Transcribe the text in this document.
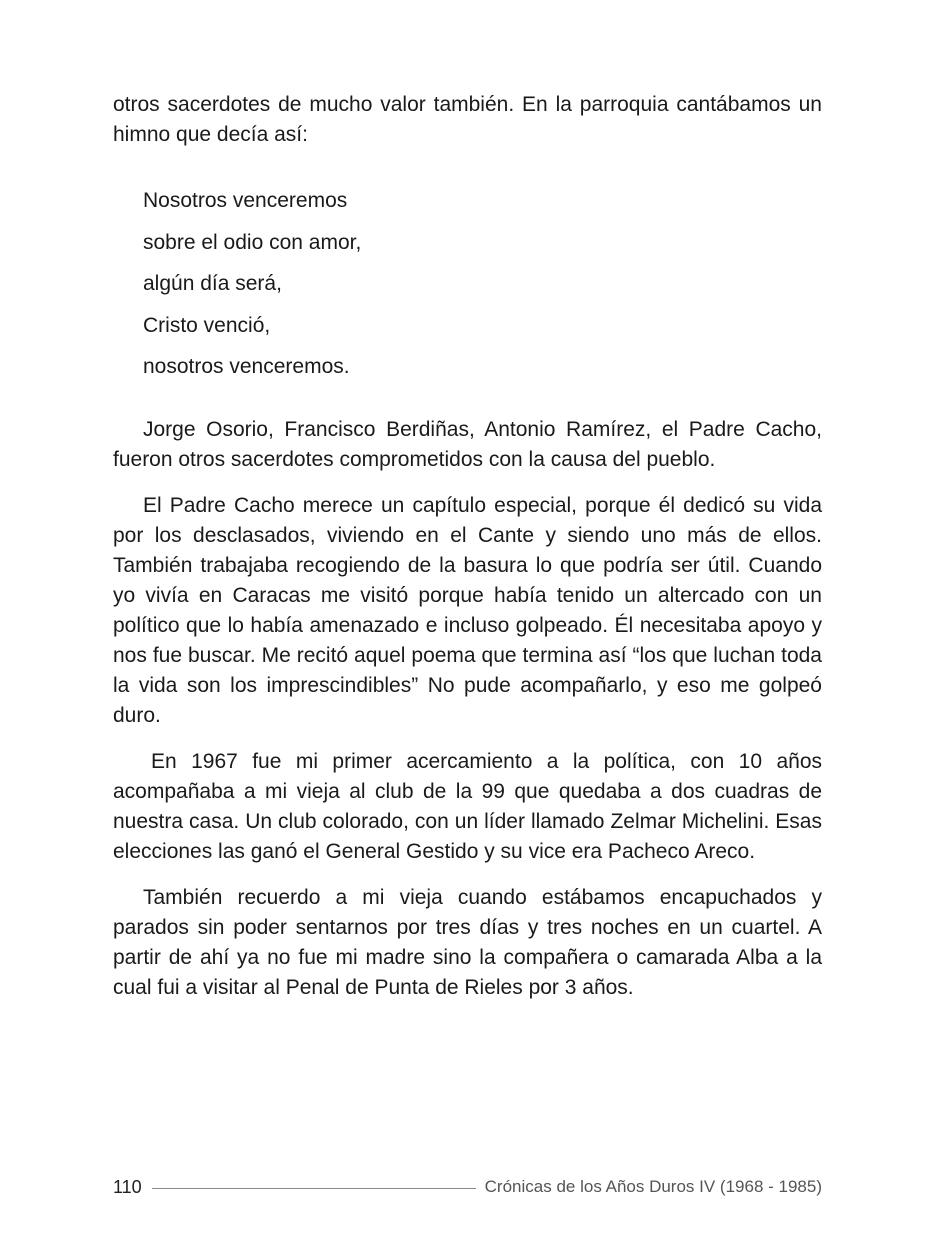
otros sacerdotes de mucho valor también. En la parroquia cantábamos un himno que decía así:

Nosotros venceremos
sobre el odio con amor,
algún día será,
Cristo venció,
nosotros venceremos.

Jorge Osorio, Francisco Berdiñas, Antonio Ramírez, el Padre Cacho, fueron otros sacerdotes comprometidos con la causa del pueblo.

El Padre Cacho merece un capítulo especial, porque él dedicó su vida por los desclasados, viviendo en el Cante y siendo uno más de ellos. También trabajaba recogiendo de la basura lo que podría ser útil. Cuando yo vivía en Caracas me visitó porque había tenido un altercado con un político que lo había amenazado e incluso golpeado. Él necesitaba apoyo y nos fue buscar. Me recitó aquel poema que termina así “los que luchan toda la vida son los imprescindibles” No pude acompañarlo, y eso me golpeó duro.

En 1967 fue mi primer acercamiento a la política, con 10 años acompañaba a mi vieja al club de la 99 que quedaba a dos cuadras de nuestra casa. Un club colorado, con un líder llamado Zelmar Michelini. Esas elecciones las ganó el General Gestido y su vice era Pacheco Areco.

También recuerdo a mi vieja cuando estábamos encapuchados y parados sin poder sentarnos por tres días y tres noches en un cuartel. A partir de ahí ya no fue mi madre sino la compañera o camarada Alba a la cual fui a visitar al Penal de Punta de Rieles por 3 años.

110	Crónicas de los Años Duros IV (1968 - 1985)
